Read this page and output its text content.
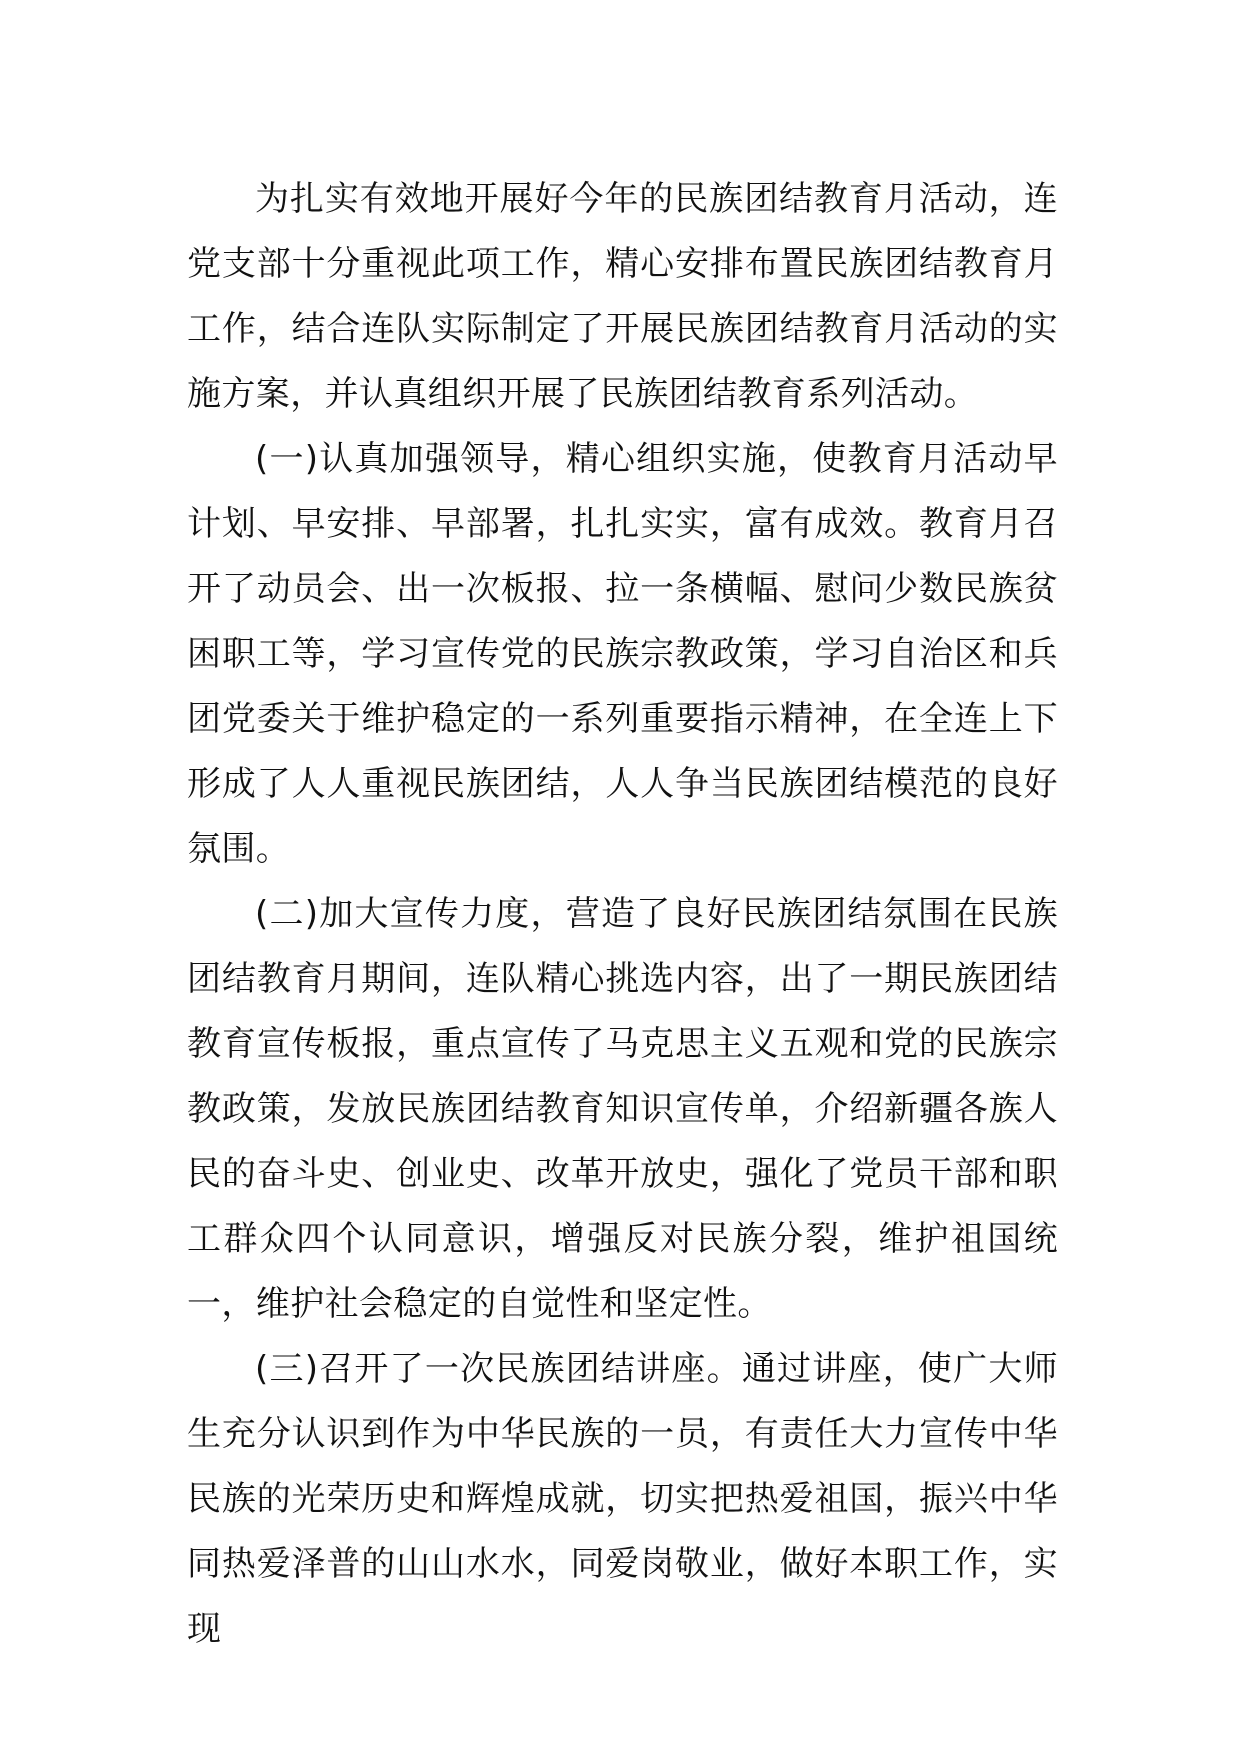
为扎实有效地开展好今年的民族团结教育月活动，连党支部十分重视此项工作，精心安排布置民族团结教育月工作，结合连队实际制定了开展民族团结教育月活动的实施方案，并认真组织开展了民族团结教育系列活动。

(一)认真加强领导，精心组织实施，使教育月活动早计划、早安排、早部署，扎扎实实，富有成效。教育月召开了动员会、出一次板报、拉一条横幅、慰问少数民族贫困职工等，学习宣传党的民族宗教政策，学习自治区和兵团党委关于维护稳定的一系列重要指示精神，在全连上下形成了人人重视民族团结，人人争当民族团结模范的良好氛围。

(二)加大宣传力度，营造了良好民族团结氛围在民族团结教育月期间，连队精心挑选内容，出了一期民族团结教育宣传板报，重点宣传了马克思主义五观和党的民族宗教政策，发放民族团结教育知识宣传单，介绍新疆各族人民的奋斗史、创业史、改革开放史，强化了党员干部和职工群众四个认同意识，增强反对民族分裂，维护祖国统一，维护社会稳定的自觉性和坚定性。

(三)召开了一次民族团结讲座。通过讲座，使广大师生充分认识到作为中华民族的一员，有责任大力宣传中华民族的光荣历史和辉煌成就，切实把热爱祖国，振兴中华同热爱泽普的山山水水，同爱岗敬业，做好本职工作，实现
